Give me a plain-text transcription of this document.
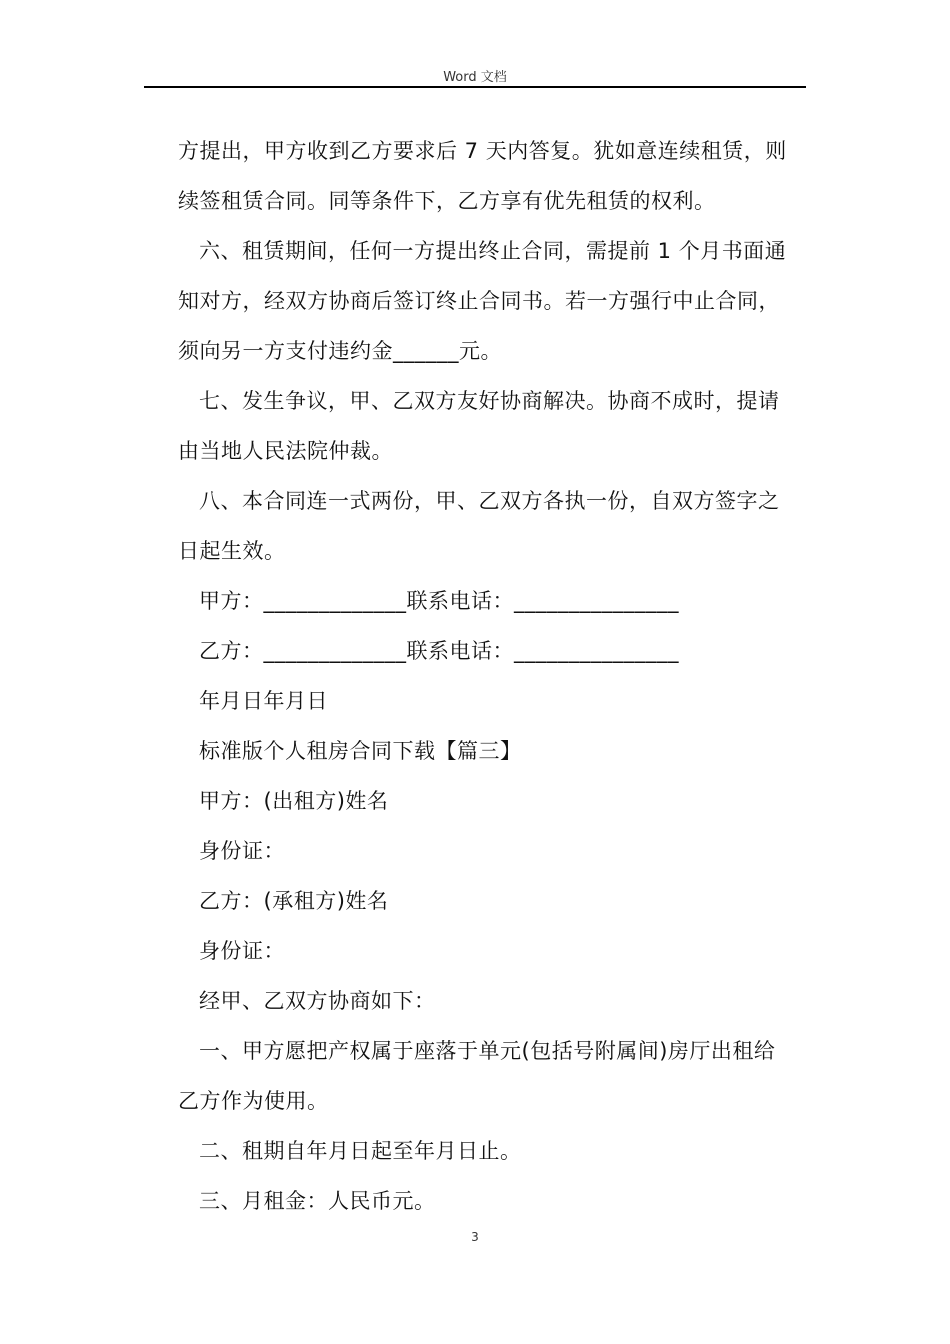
Word 文档
方提出，甲方收到乙方要求后 7 天内答复。犹如意连续租赁，则
续签租赁合同。同等条件下，乙方享有优先租赁的权利。
六、租赁期间，任何一方提出终止合同，需提前 1 个月书面通
知对方，经双方协商后签订终止合同书。若一方强行中止合同，
须向另一方支付违约金______元。
七、发生争议，甲、乙双方友好协商解决。协商不成时，提请
由当地人民法院仲裁。
八、本合同连一式两份，甲、乙双方各执一份，自双方签字之
日起生效。
甲方：_____________联系电话：_______________
乙方：_____________联系电话：_______________
年月日年月日
标准版个人租房合同下载【篇三】
甲方：(出租方)姓名
身份证：
乙方：(承租方)姓名
身份证：
经甲、乙双方协商如下：
一、甲方愿把产权属于座落于单元(包括号附属间)房厅出租给
乙方作为使用。
二、租期自年月日起至年月日止。
三、月租金：人民币元。
3
